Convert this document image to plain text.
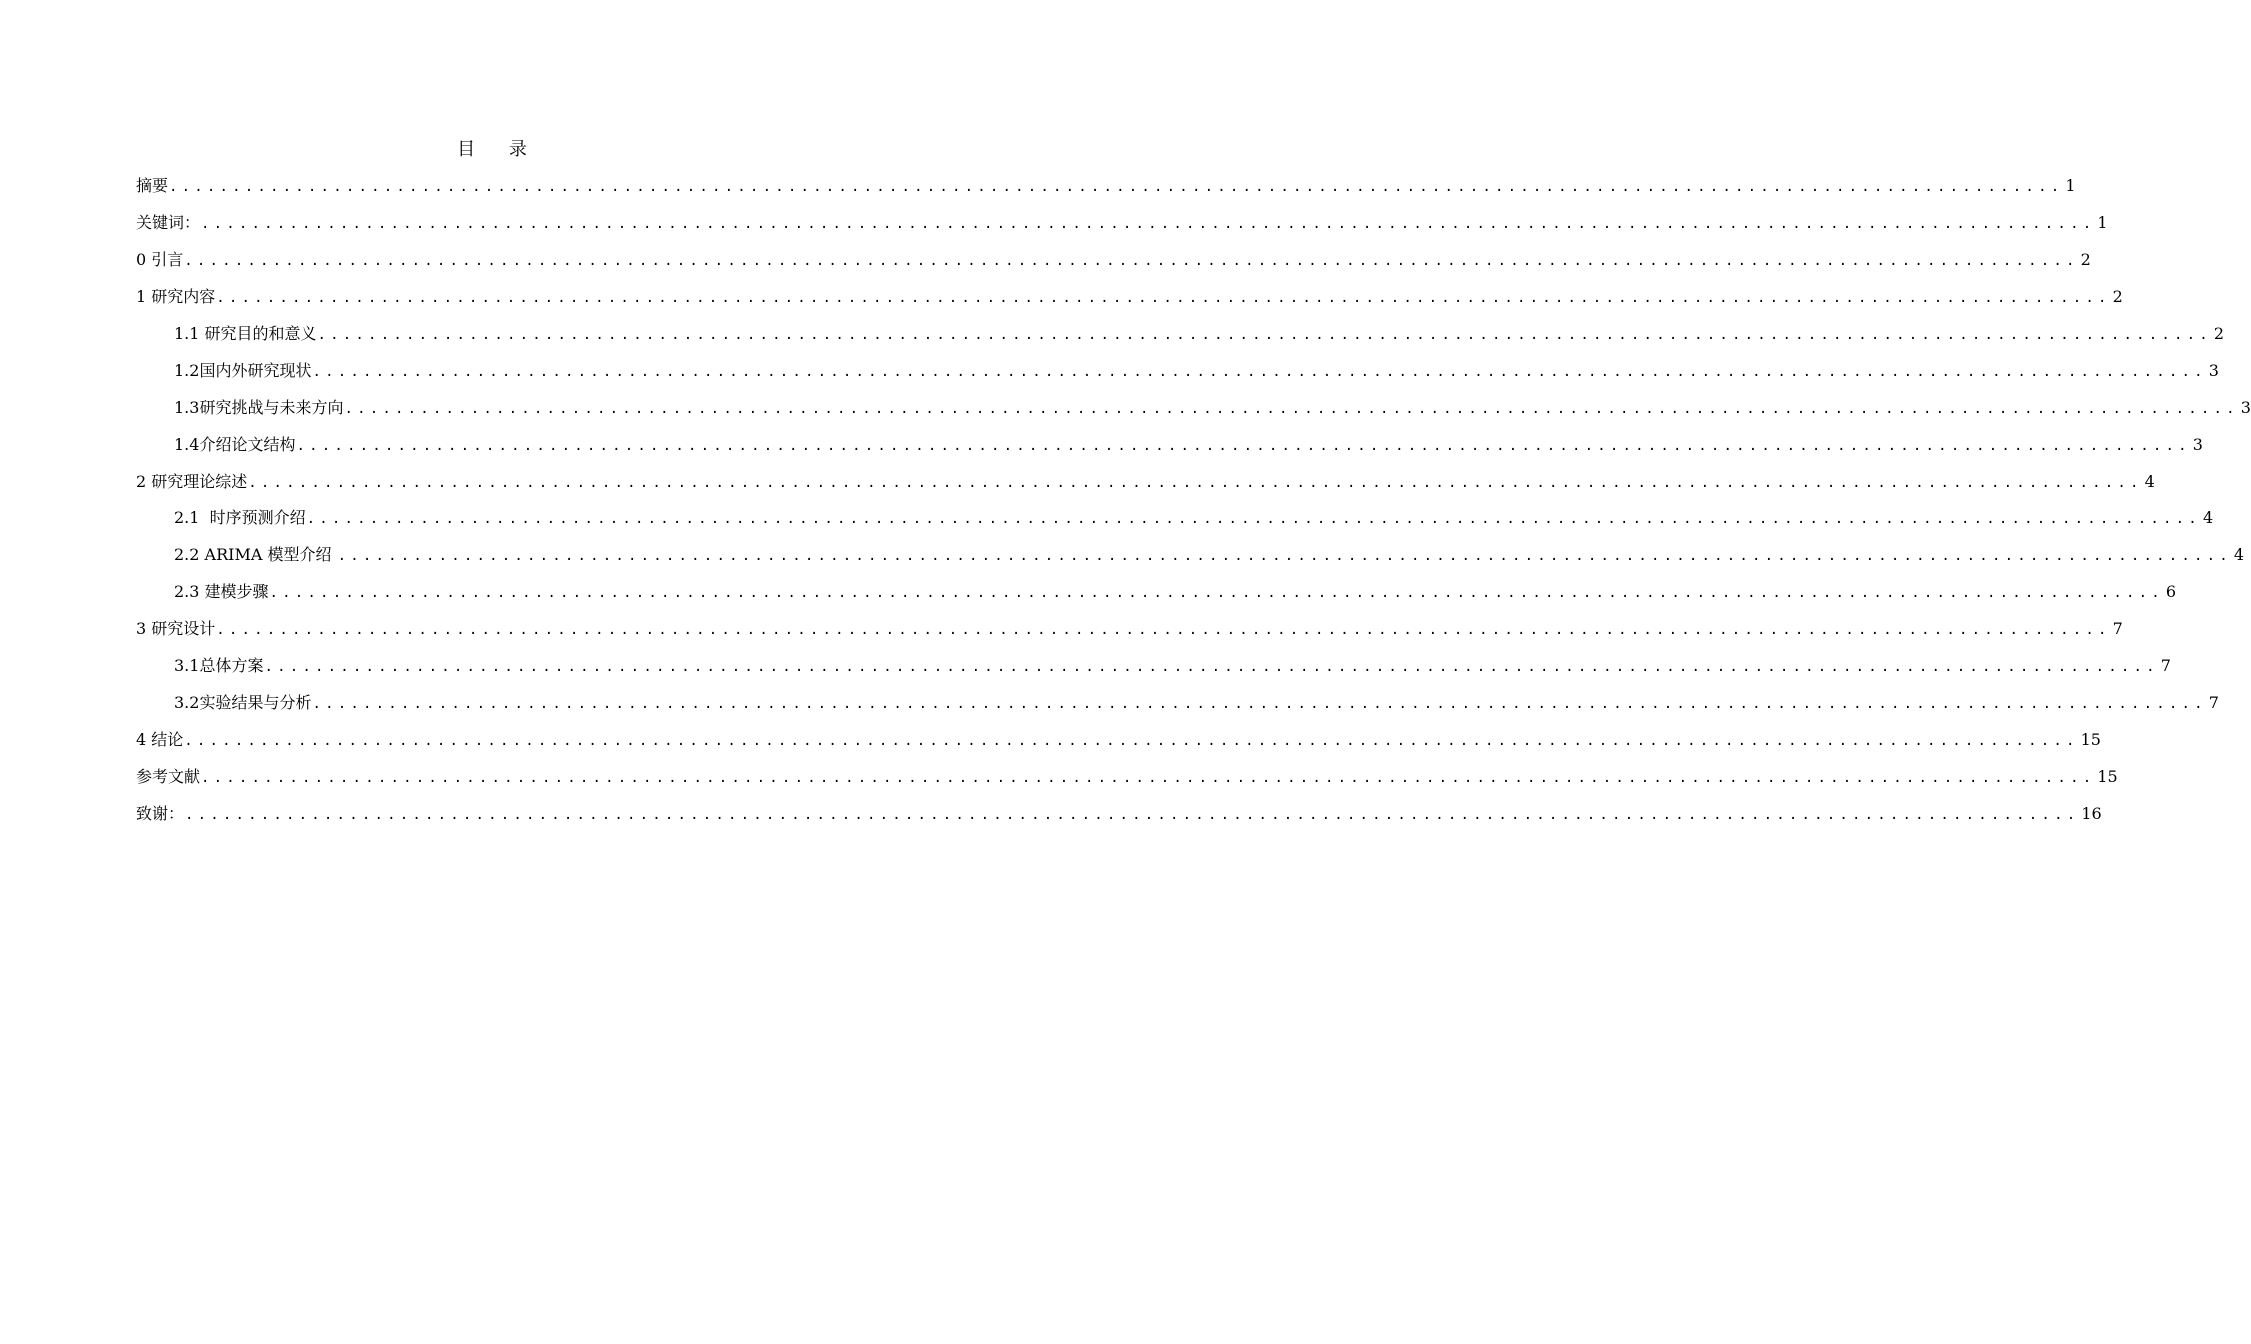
目 录
摘要 ...................................................................................................................................................... 1
关键词： ...................................................................................................................................................... 1
0 引言 ...................................................................................................................................................... 2
1 研究内容 ...................................................................................................................................................... 2
1.1 研究目的和意义 ...................................................................................................................................................... 2
1.2国内外研究现状 ...................................................................................................................................................... 3
1.3研究挑战与未来方向 ...................................................................................................................................................... 3
1.4介绍论文结构 ...................................................................................................................................................... 3
2 研究理论综述 ...................................................................................................................................................... 4
2.1  时序预测介绍 ...................................................................................................................................................... 4
2.2 ARIMA 模型介绍 ...................................................................................................................................................... 4
2.3 建模步骤 ...................................................................................................................................................... 6
3 研究设计 ...................................................................................................................................................... 7
3.1总体方案 ...................................................................................................................................................... 7
3.2实验结果与分析 ...................................................................................................................................................... 7
4 结论 ...................................................................................................................................................... 15
参考文献 ...................................................................................................................................................... 15
致谢： ...................................................................................................................................................... 16
